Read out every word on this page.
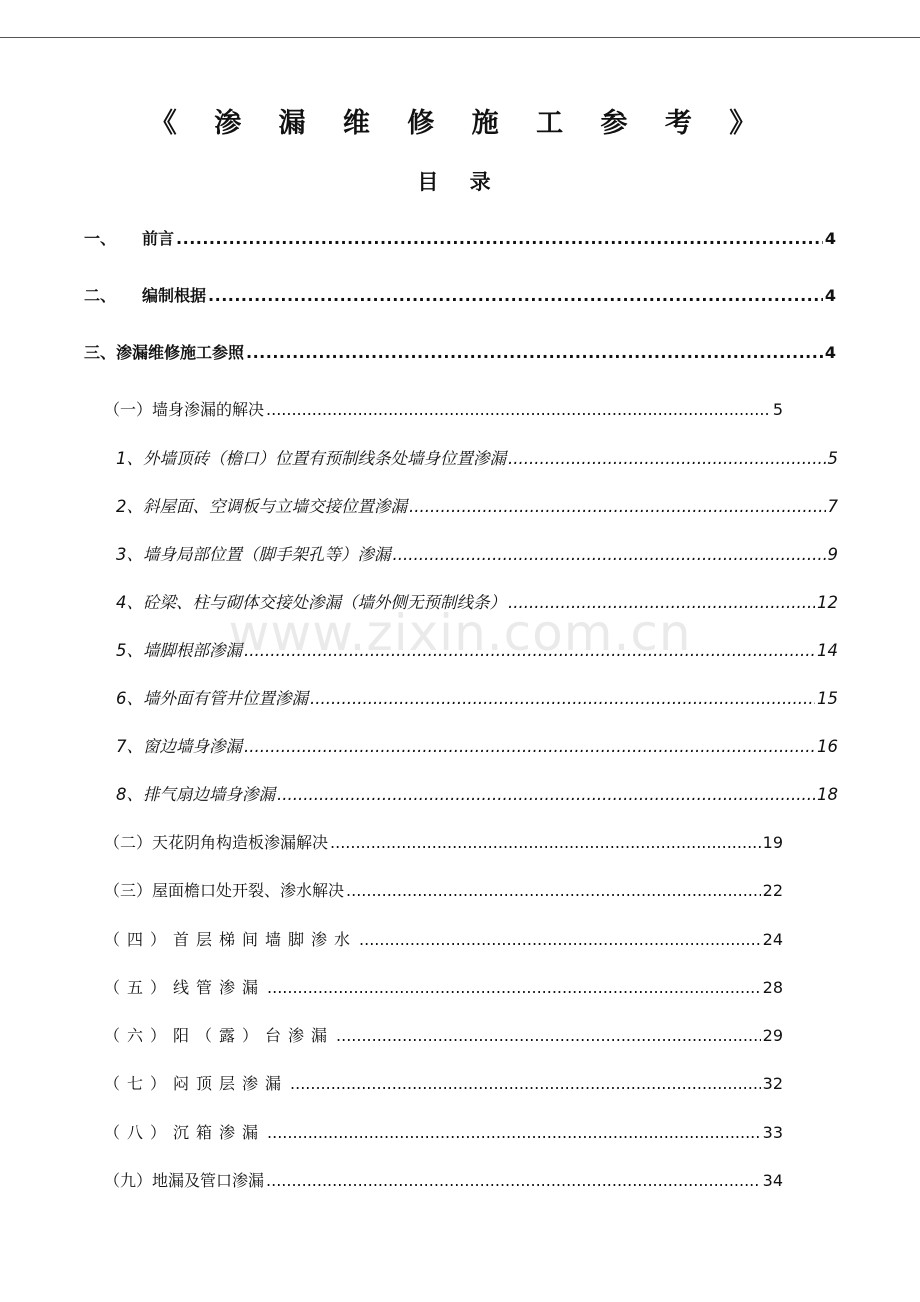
《 渗 漏 维 修 施 工 参 考 》
目 录
一、 前言 .....	4
二、 编制根据 .....	4
三、渗漏维修施工参照 .....	4
（一）墙身渗漏的解决 .....	5
1、外墙顶砖（檐口）位置有预制线条处墙身位置渗漏 .....	5
2、斜屋面、空调板与立墙交接位置渗漏 .....	7
3、墙身局部位置（脚手架孔等）渗漏 .....	9
4、砼梁、柱与砌体交接处渗漏（墙外侧无预制线条） .....	12
5、墙脚根部渗漏 .....	14
6、墙外面有管井位置渗漏 .....	15
7、窗边墙身渗漏 .....	16
8、排气扇边墙身渗漏 .....	18
（二）天花阴角构造板渗漏解决 .....	19
（三）屋面檐口处开裂、渗水解决 .....	22
（四）首层梯间墙脚渗水 .....	24
（五）线管渗漏 .....	28
（六）阳（露）台渗漏 .....	29
（七）闷顶层渗漏 .....	32
（八）沉箱渗漏 .....	33
（九）地漏及管口渗漏 .....	34
www.zixin.com.cn
